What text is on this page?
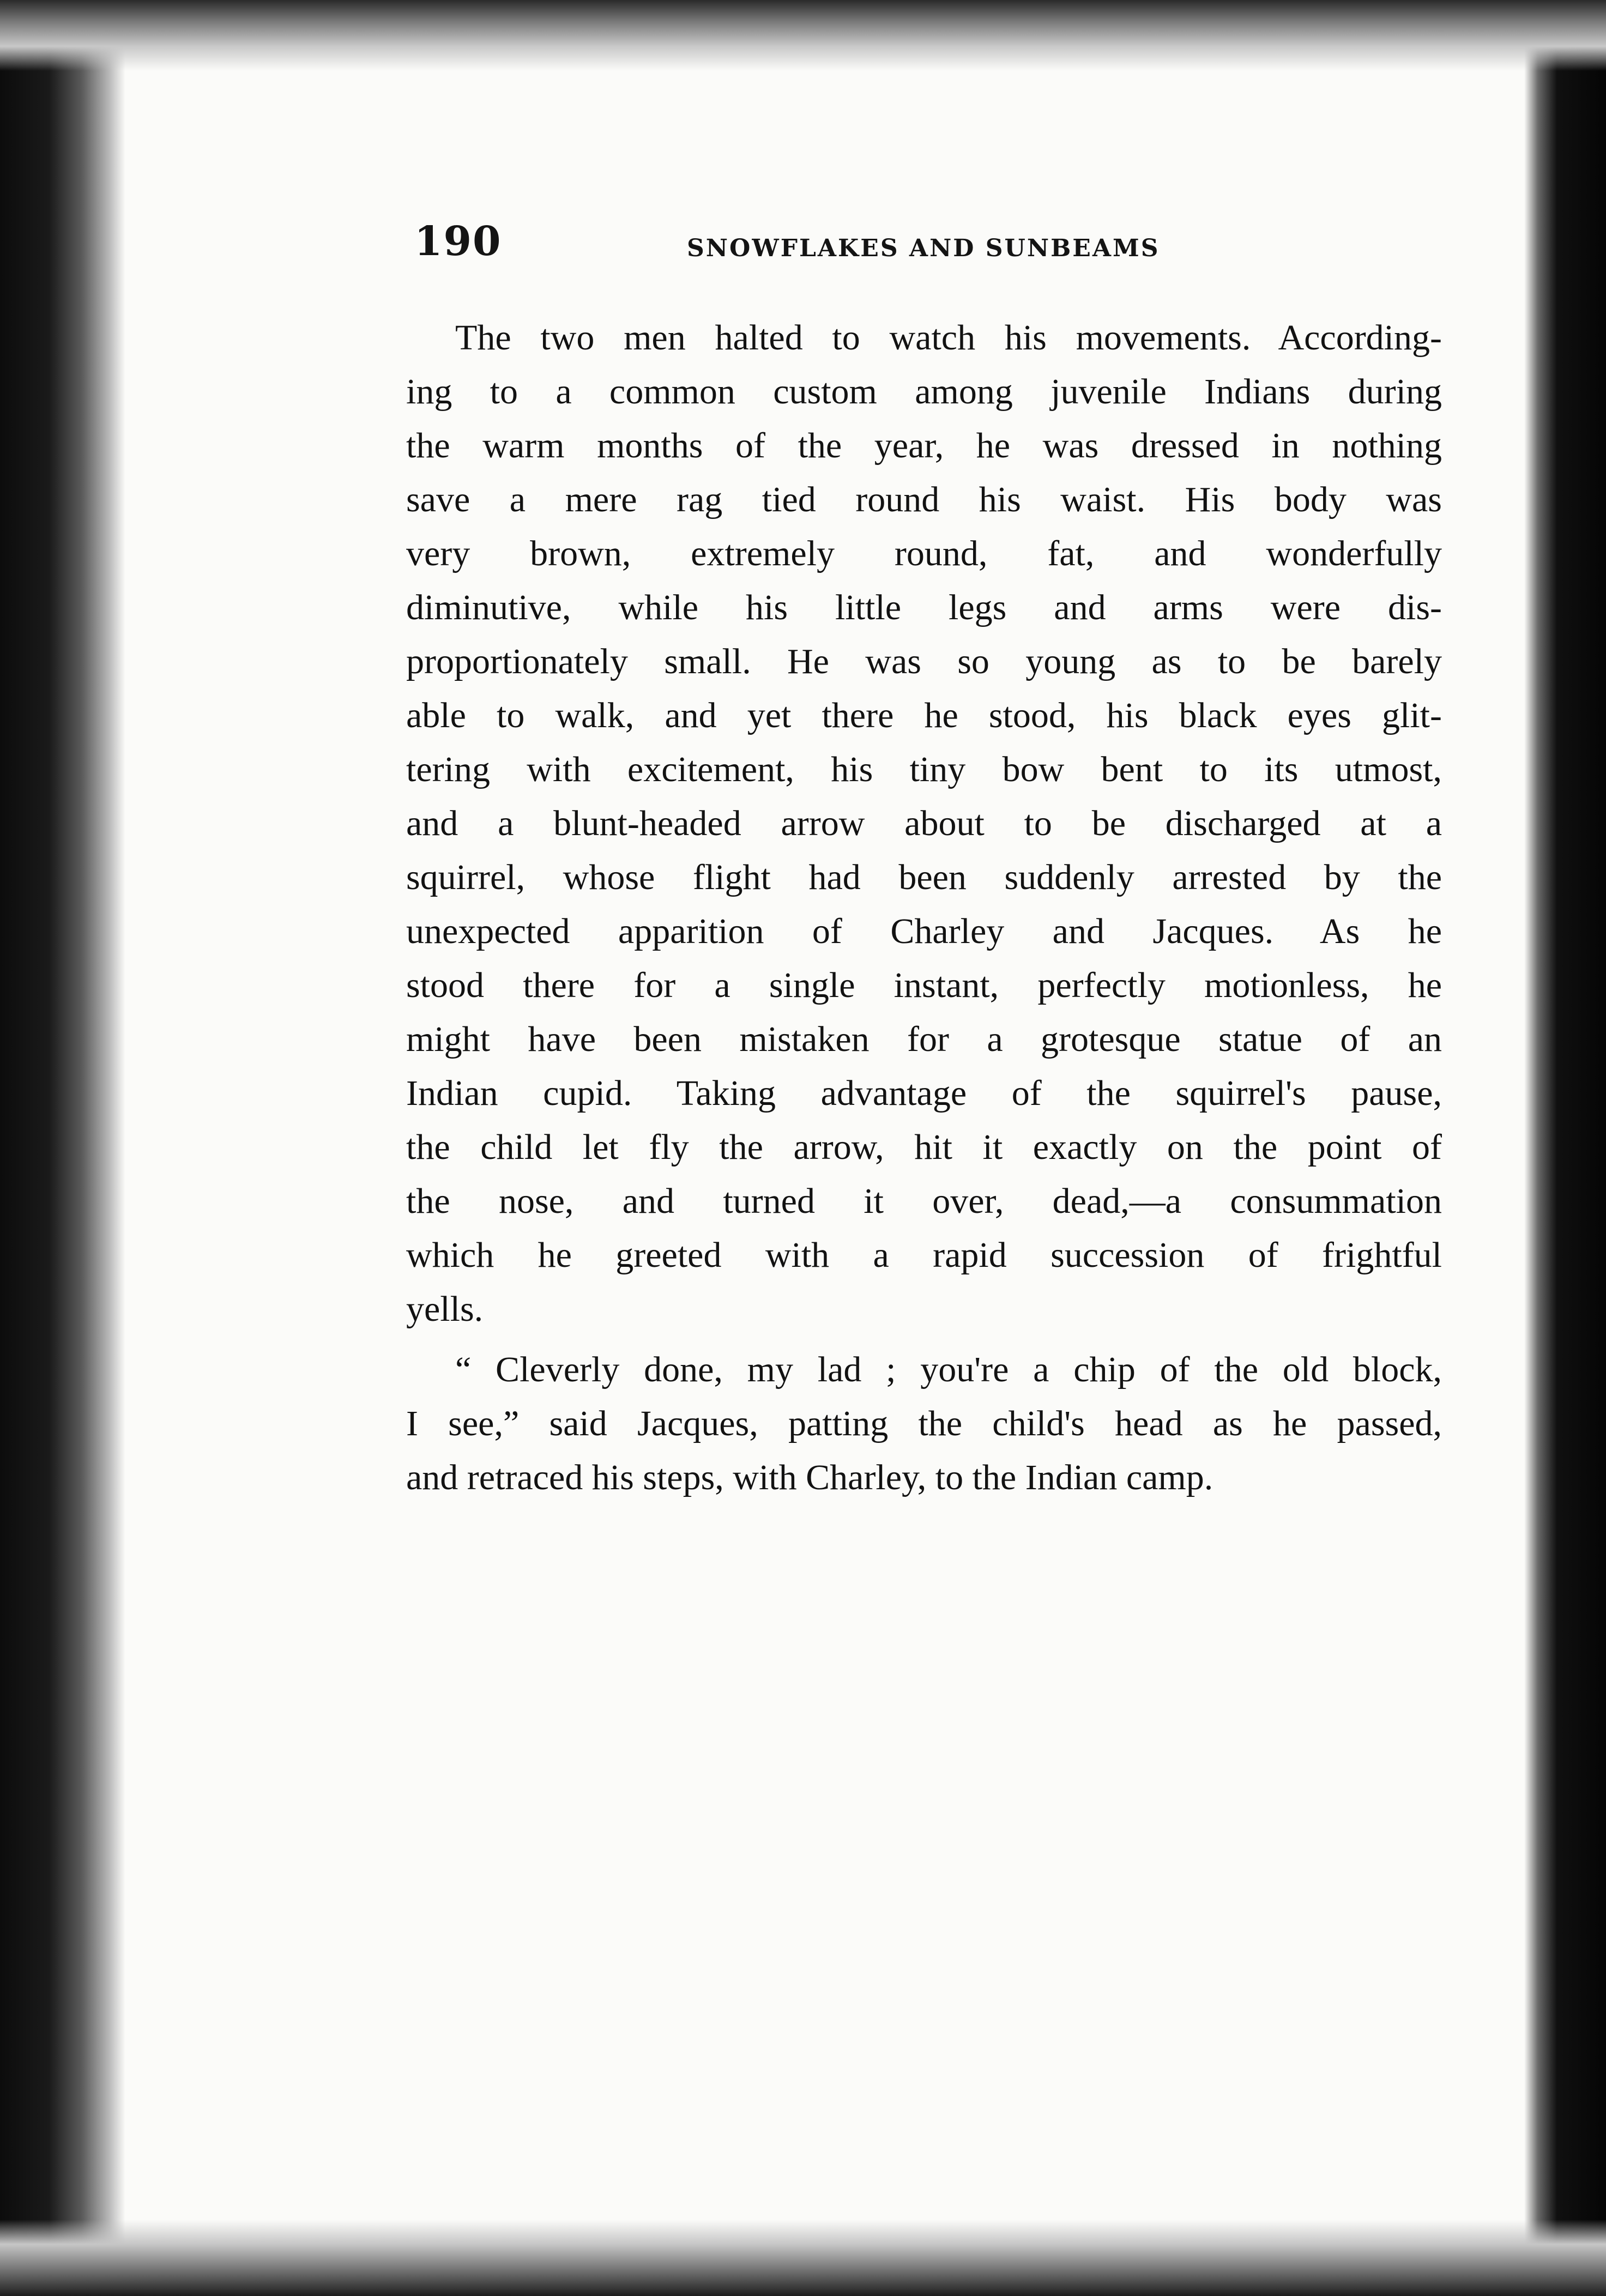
190	SNOWFLAKES AND SUNBEAMS
The two men halted to watch his movements. According-
ing to a common custom among juvenile Indians during
the warm months of the year, he was dressed in nothing
save a mere rag tied round his waist. His body was
very brown, extremely round, fat, and wonderfully
diminutive, while his little legs and arms were dis-
proportionately small. He was so young as to be barely
able to walk, and yet there he stood, his black eyes glit-
tering with excitement, his tiny bow bent to its utmost,
and a blunt-headed arrow about to be discharged at a
squirrel, whose flight had been suddenly arrested by the
unexpected apparition of Charley and Jacques. As he
stood there for a single instant, perfectly motionless, he
might have been mistaken for a grotesque statue of an
Indian cupid. Taking advantage of the squirrel's pause,
the child let fly the arrow, hit it exactly on the point of
the nose, and turned it over, dead,—a consummation
which he greeted with a rapid succession of frightful
yells.
“ Cleverly done, my lad ; you're a chip of the old block,
I see,” said Jacques, patting the child's head as he passed,
and retraced his steps, with Charley, to the Indian camp.
